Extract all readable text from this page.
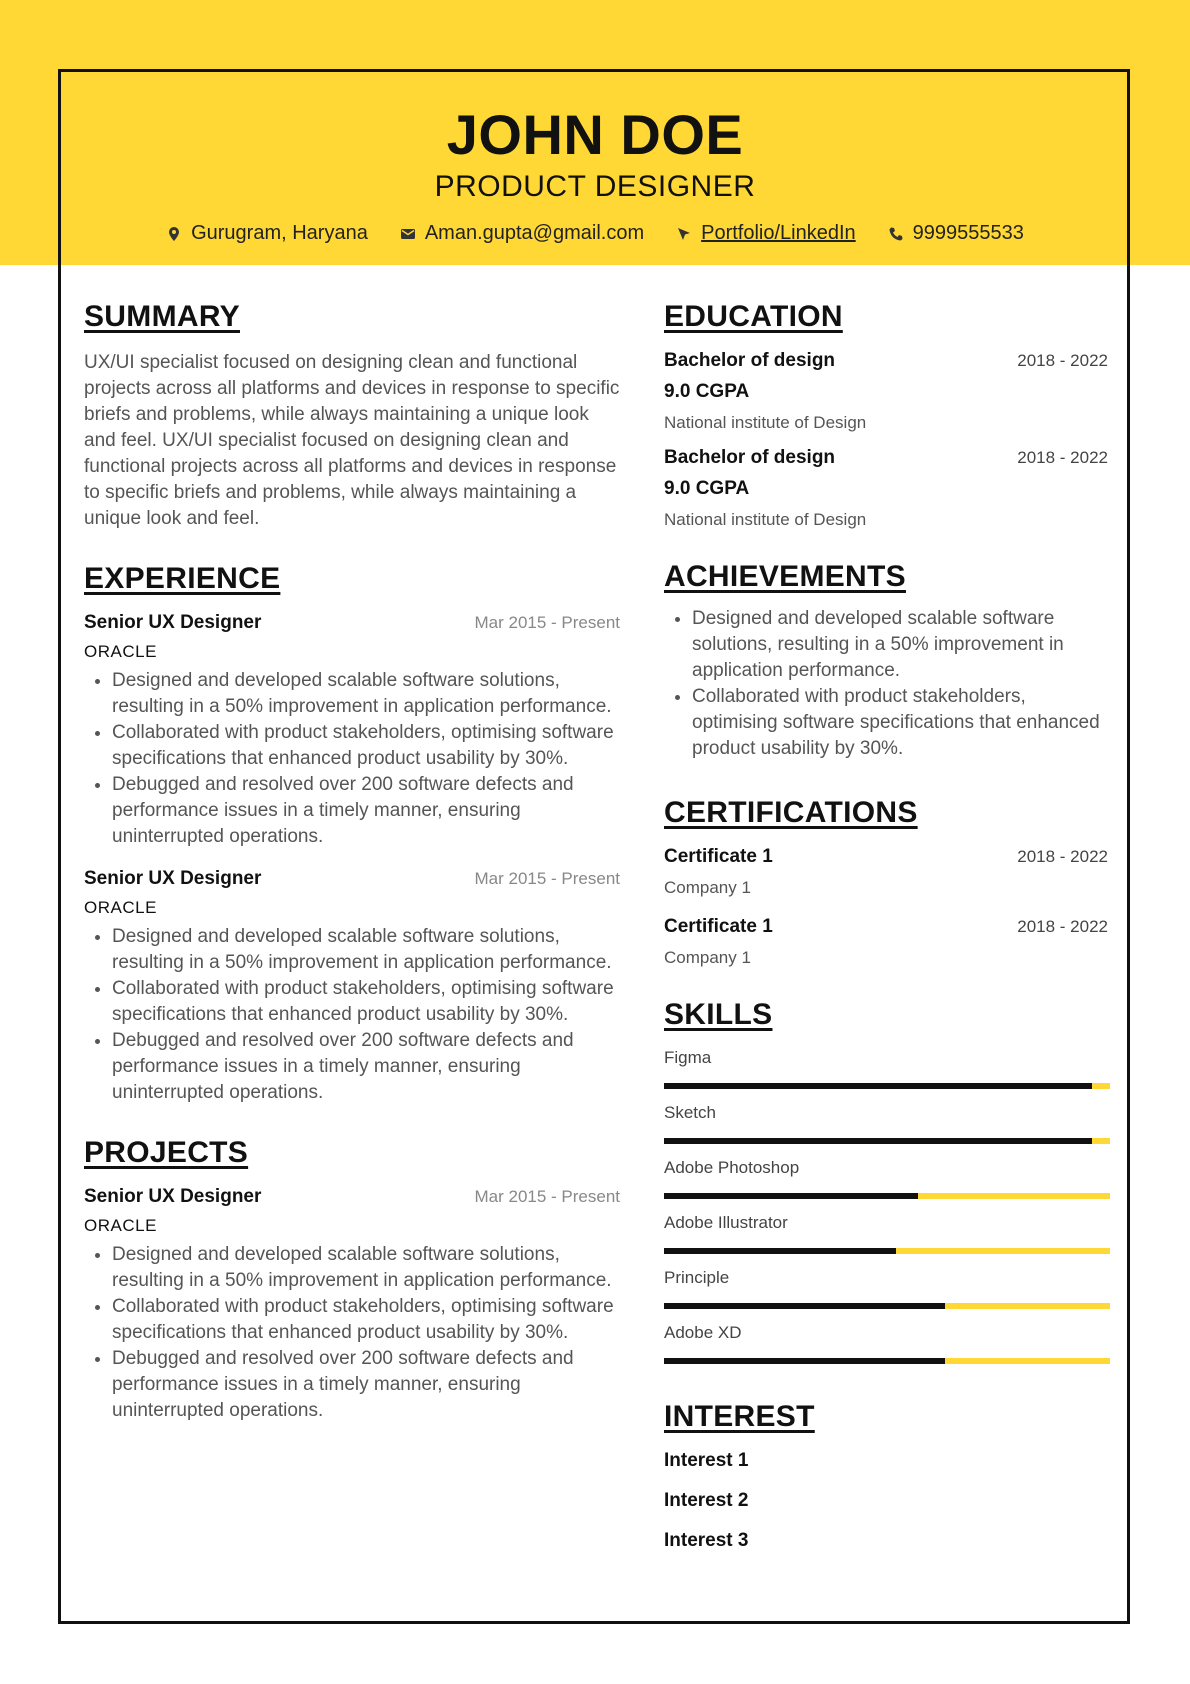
JOHN DOE
PRODUCT DESIGNER
Gurugram, Haryana	Aman.gupta@gmail.com	Portfolio/LinkedIn	9999555533
SUMMARY

UX/UI specialist focused on designing clean and functional projects across all platforms and devices in response to specific briefs and problems, while always maintaining a unique look and feel. UX/UI specialist focused on designing clean and functional projects across all platforms and devices in response to specific briefs and problems, while always maintaining a unique look and feel.

EXPERIENCE
Senior UX Designer	Mar 2015 - Present
ORACLE
• Designed and developed scalable software solutions, resulting in a 50% improvement in application performance.
• Collaborated with product stakeholders, optimising software specifications that enhanced product usability by 30%.
• Debugged and resolved over 200 software defects and performance issues in a timely manner, ensuring uninterrupted operations.
Senior UX Designer	Mar 2015 - Present
ORACLE
• Designed and developed scalable software solutions, resulting in a 50% improvement in application performance.
• Collaborated with product stakeholders, optimising software specifications that enhanced product usability by 30%.
• Debugged and resolved over 200 software defects and performance issues in a timely manner, ensuring uninterrupted operations.
PROJECTS
Senior UX Designer	Mar 2015 - Present
ORACLE
• Designed and developed scalable software solutions, resulting in a 50% improvement in application performance.
• Collaborated with product stakeholders, optimising software specifications that enhanced product usability by 30%.
• Debugged and resolved over 200 software defects and performance issues in a timely manner, ensuring uninterrupted operations.
EDUCATION
Bachelor of design	2018 - 2022
9.0 CGPA
National institute of Design
Bachelor of design	2018 - 2022
9.0 CGPA
National institute of Design
ACHIEVEMENTS
• Designed and developed scalable software solutions, resulting in a 50% improvement in application performance.
• Collaborated with product stakeholders, optimising software specifications that enhanced product usability by 30%.
CERTIFICATIONS
Certificate 1	2018 - 2022
Company 1
Certificate 1	2018 - 2022
Company 1
SKILLS
Figma
Sketch
Adobe Photoshop
Adobe Illustrator
Principle
Adobe XD
INTEREST
Interest 1
Interest 2
Interest 3
